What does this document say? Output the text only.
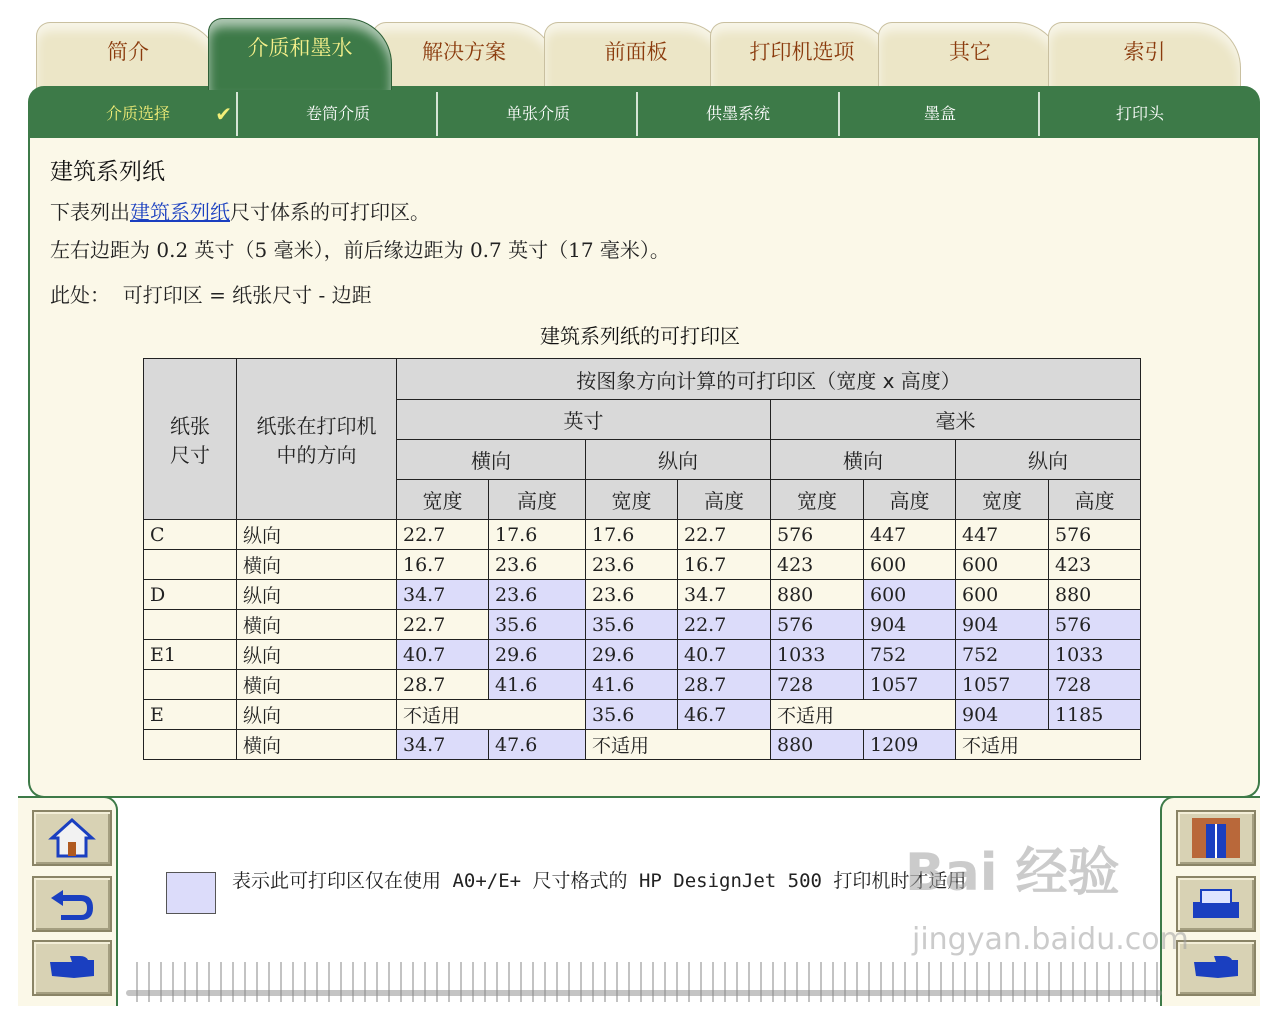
简介	介质和墨水	解决方案	前面板	打印机选项	其它	索引
介质选择 ✔	卷筒介质	单张介质	供墨系统	墨盒	打印头
建筑系列纸
下表列出建筑系列纸尺寸体系的可打印区。
左右边距为 0.2 英寸（5 毫米），前后缘边距为 0.7 英寸（17 毫米）。
此处：  可打印区 = 纸张尺寸 - 边距
建筑系列纸的可打印区
纸张
尺寸	纸张在打印机
中的方向	按图象方向计算的可打印区（宽度 x 高度）							
		英寸				毫米			
		横向		纵向		横向		纵向	
		宽度	高度	宽度	高度	宽度	高度	宽度	高度
C	纵向	22.7	17.6	17.6	22.7	576	447	447	576
	横向	16.7	23.6	23.6	16.7	423	600	600	423
D	纵向	34.7	23.6	23.6	34.7	880	600	600	880
	横向	22.7	35.6	35.6	22.7	576	904	904	576
E1	纵向	40.7	29.6	29.6	40.7	1033	752	752	1033
	横向	28.7	41.6	41.6	28.7	728	1057	1057	728
E	纵向	不适用		35.6	46.7	不适用		904	1185
	横向	34.7	47.6	不适用		880	1209	不适用	
表示此可打印区仅在使用 A0+/E+ 尺寸格式的 HP DesignJet 500 打印机时才适用
Bai 经验
jingyan.baidu.com
